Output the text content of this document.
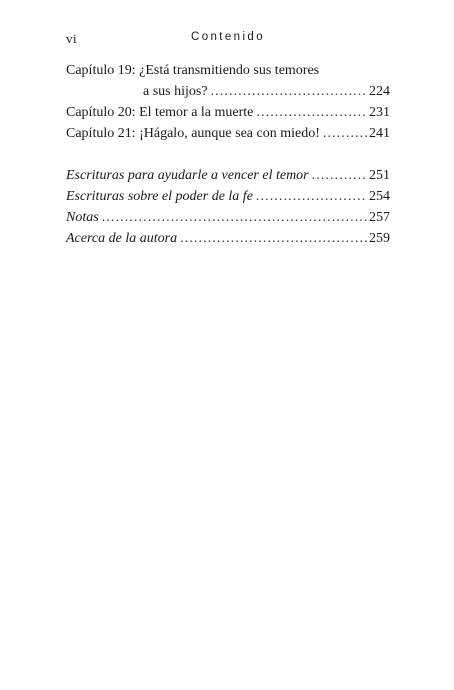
vi	Contenido
Capítulo 19: ¿Está transmitiendo sus temores
a sus hijos? . . .	224
Capítulo 20: El temor a la muerte . . .	231
Capítulo 21: ¡Hágalo, aunque sea con miedo! . . .	241
Escrituras para ayudarle a vencer el temor . . .	251
Escrituras sobre el poder de la fe . . .	254
Notas . . .	257
Acerca de la autora . . .	259
